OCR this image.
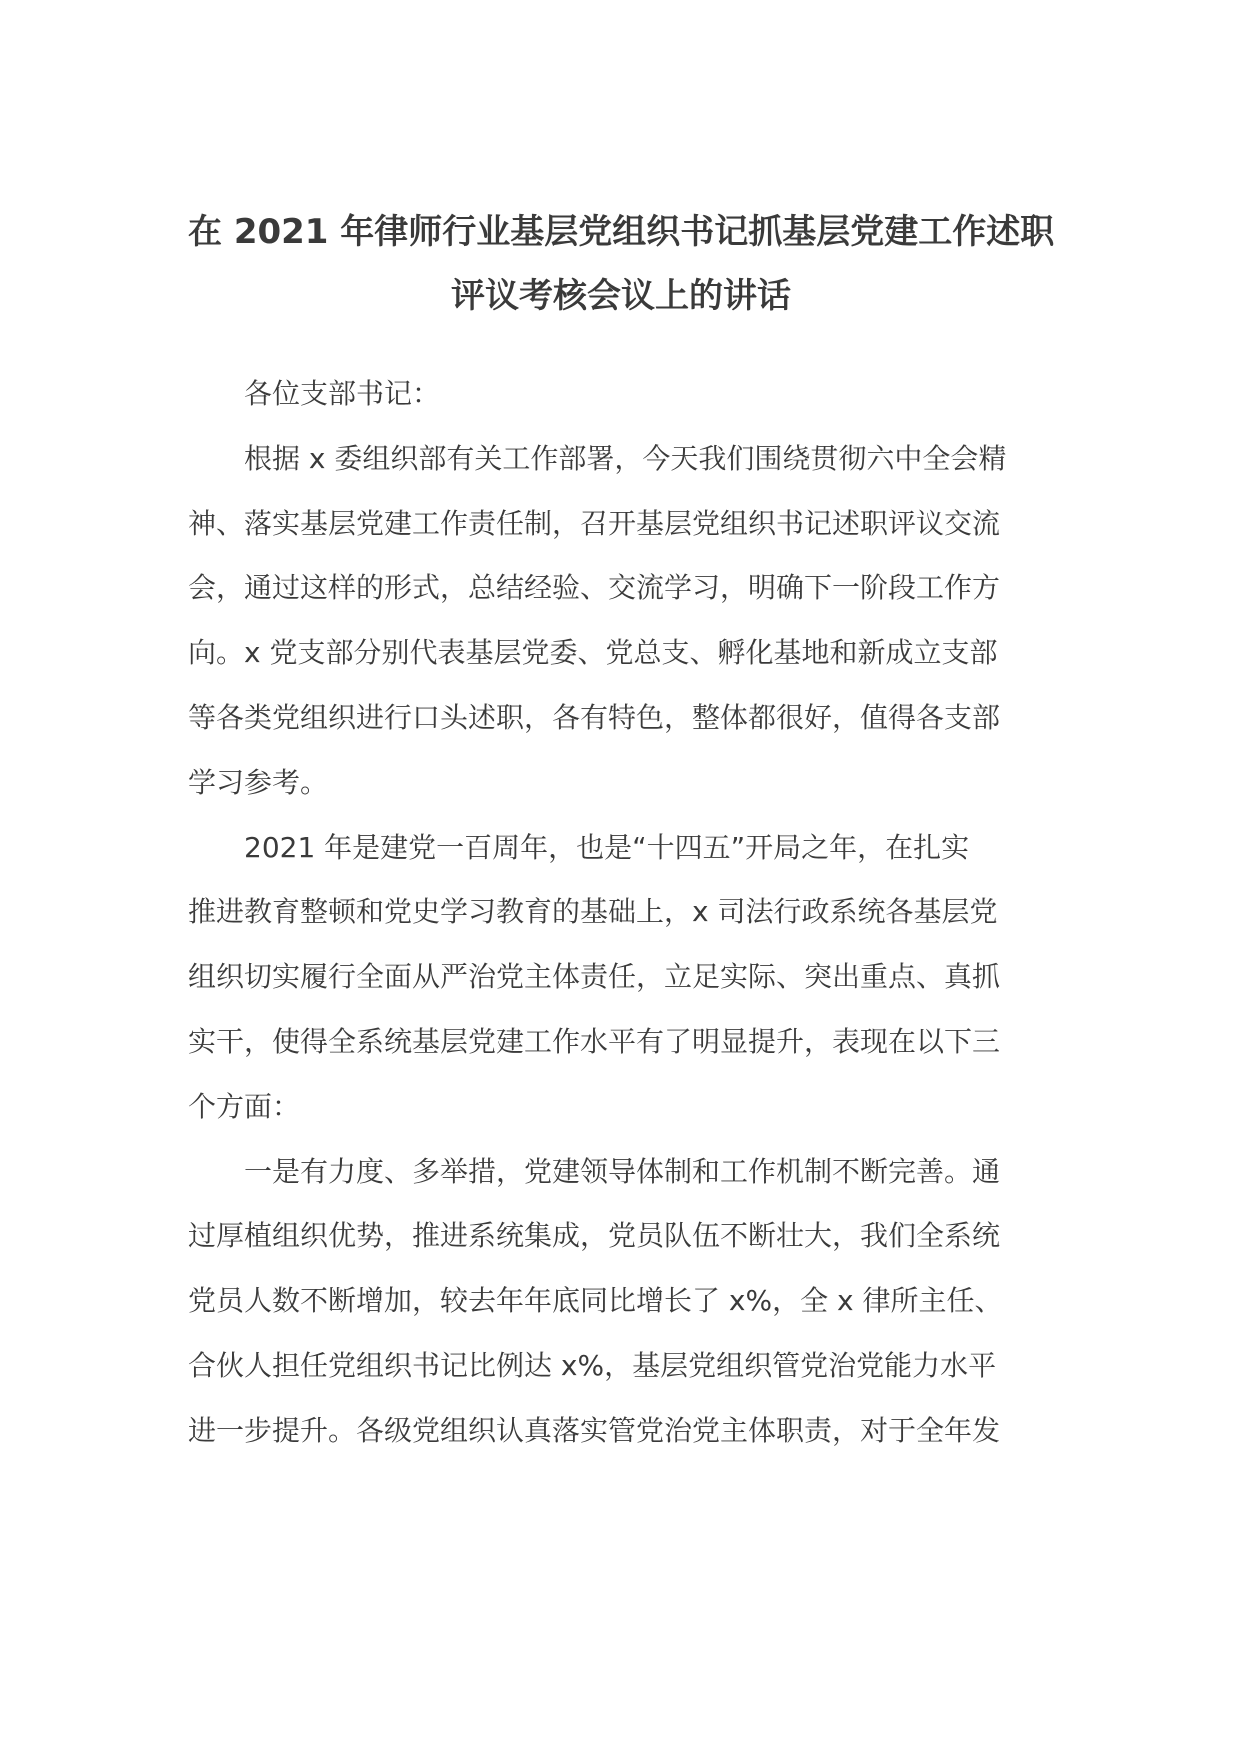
在 2021 年律师行业基层党组织书记抓基层党建工作述职
评议考核会议上的讲话

各位支部书记：

根据 x 委组织部有关工作部署，今天我们围绕贯彻六中全会精
神、落实基层党建工作责任制，召开基层党组织书记述职评议交流
会，通过这样的形式，总结经验、交流学习，明确下一阶段工作方
向。x 党支部分别代表基层党委、党总支、孵化基地和新成立支部
等各类党组织进行口头述职，各有特色，整体都很好，值得各支部
学习参考。

2021 年是建党一百周年，也是“十四五”开局之年，在扎实
推进教育整顿和党史学习教育的基础上，x 司法行政系统各基层党
组织切实履行全面从严治党主体责任，立足实际、突出重点、真抓
实干，使得全系统基层党建工作水平有了明显提升，表现在以下三
个方面：

一是有力度、多举措，党建领导体制和工作机制不断完善。通
过厚植组织优势，推进系统集成，党员队伍不断壮大，我们全系统
党员人数不断增加，较去年年底同比增长了 x%，全 x 律所主任、
合伙人担任党组织书记比例达 x%，基层党组织管党治党能力水平
进一步提升。各级党组织认真落实管党治党主体职责，对于全年发
